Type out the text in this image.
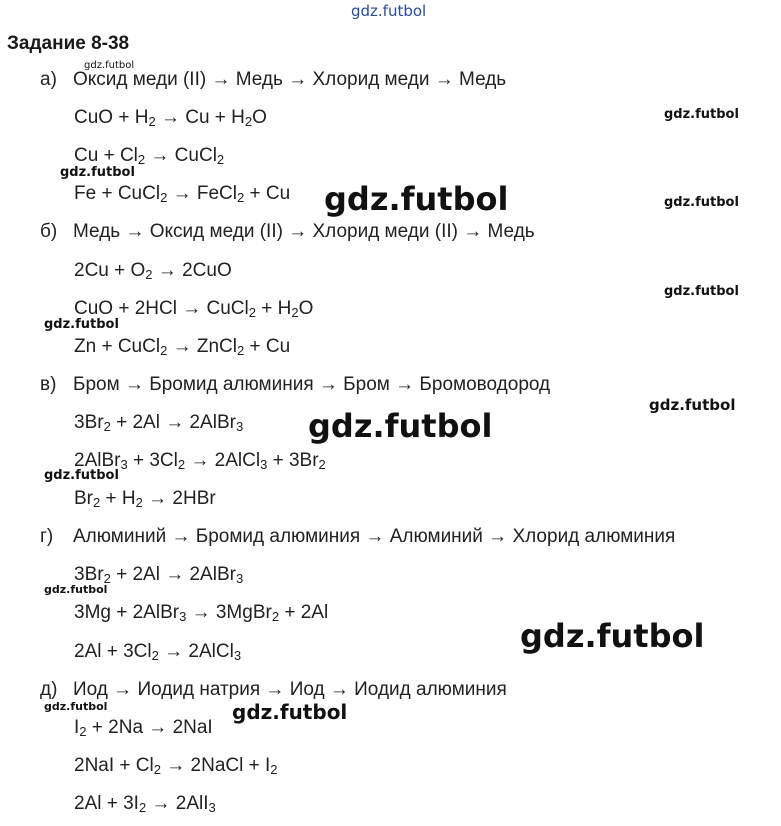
gdz.futbol
Задание 8-38
а) Оксид меди (II) → Медь → Хлорид меди → Медь
CuO + $H_2 \to Cu + H_2O$
$Cu + Cl_2$ → CuCl$_2$
Fe + CuCl$_2$ → FeCl$_2$ + Cu
б) Медь → Оксид меди (II) → Хлорид меди (II) → Медь
$2Cu + O_2 \to 2CuO$
CuO + 2HCl → CuCl$_2$ + $H_2O$
Zn + CuCl$_2$ → ZnCl$_2$ + Cu
в) Бром → Бромид алюминия → Бром → Бромоводород
$3Br_2 + 2Al$ → 2AlBr$_3$
2AlBr$_3$ + $3Cl_2$ → 2AlCl$_3$ + $3Br_2$
$Br_2 + H_2 \to 2HBr$
г) Алюминий → Бромид алюминия → Алюминий → Хлорид алюминия
$3Br_2 + 2Al$ → 2AlBr$_3$
3Mg + 2AlBr$_3$ → 3MgBr$_2$ + 2Al
$2Al + 3Cl_2$ → 2AlCl$_3$
д) Иод → Иодид натрия → Иод → Иодид алюминия
$I_2 + 2Na \to 2NaI$
$2NaI + Cl_2$ → 2NaCl + $I_2$
$2Al + 3I_2 \to 2AlI_3$
gdz.futbol
gdz.futbol
gdz.futbol
gdz.futbol	gdz.futbol
gdz.futbol
gdz.futbol
gdz.futbol
gdz.futbol
gdz.futbol
gdz.futbol
gdz.futbol
gdz.futbol	gdz.futbol
